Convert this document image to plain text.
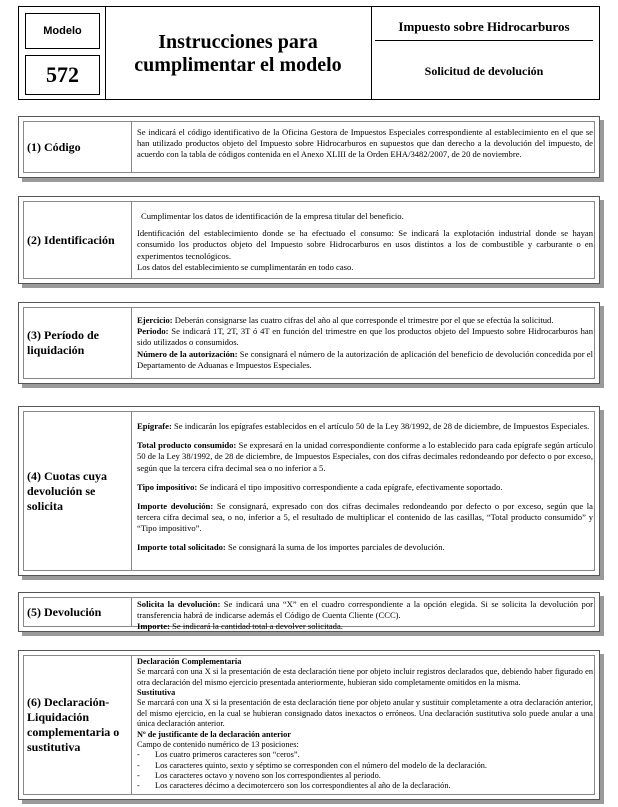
Modelo
572
Instrucciones para
cumplimentar el modelo
Impuesto sobre Hidrocarburos
Solicitud de devolución
(1) Código

Se indicará el código identificativo de la Oficina Gestora de Impuestos Especiales correspondiente al establecimiento en el que se han utilizado productos objeto del Impuesto sobre Hidrocarburos en supuestos que dan derecho a la devolución del impuesto, de acuerdo con la tabla de códigos contenida en el Anexo XLIII de la Orden EHA/3482/2007, de 20 de noviembre.

(2) Identificación

Cumplimentar los datos de identificación de la empresa titular del beneficio.

Identificación del establecimiento donde se ha efectuado el consumo: Se indicará la explotación industrial donde se hayan consumido los productos objeto del Impuesto sobre Hidrocarburos en usos distintos a los de combustible y carburante o en experimentos tecnológicos.

Los datos del establecimiento se cumplimentarán en todo caso.

(3) Período de liquidación

Ejercicio: Deberán consignarse las cuatro cifras del año al que corresponde el trimestre por el que se efectúa la solicitud.

Periodo: Se indicará 1T, 2T, 3T ó 4T en función del trimestre en que los productos objeto del Impuesto sobre Hidrocarburos han sido utilizados o consumidos.

Número de la autorización: Se consignará el número de la autorización de aplicación del beneficio de devolución concedida por el Departamento de Aduanas e Impuestos Especiales.

(4) Cuotas cuya devolución se solicita

Epígrafe: Se indicarán los epígrafes establecidos en el artículo 50 de la Ley 38/1992, de 28 de diciembre, de Impuestos Especiales.

Total producto consumido: Se expresará en la unidad correspondiente conforme a lo establecido para cada epígrafe según artículo 50 de la Ley 38/1992, de 28 de diciembre, de Impuestos Especiales, con dos cifras decimales redondeando por defecto o por exceso, según que la tercera cifra decimal sea o no inferior a 5.

Tipo impositivo: Se indicará el tipo impositivo correspondiente a cada epígrafe, efectivamente soportado.

Importe devolución: Se consignará, expresado con dos cifras decimales redondeando por defecto o por exceso, según que la tercera cifra decimal sea, o no, inferior a 5, el resultado de multiplicar el contenido de las casillas, “Total producto consumido” y “Tipo impositivo”.

Importe total solicitado: Se consignará la suma de los importes parciales de devolución.

(5) Devolución

Solicita la devolución: Se indicará una “X” en el cuadro correspondiente a la opción elegida. Si se solicita la devolución por transferencia habrá de indicarse además el Código de Cuenta Cliente (CCC).

Importe: Se indicará la cantidad total a devolver solicitada.

(6) Declaración-Liquidación complementaria o sustitutiva

Declaración Complementaria

Se marcará con una X si la presentación de esta declaración tiene por objeto incluir registros declarados que, debiendo haber figurado en otra declaración del mismo ejercicio presentada anteriormente, hubieran sido completamente omitidos en la misma.

Sustitutiva

Se marcará con una X si la presentación de esta declaración tiene por objeto anular y sustituir completamente a otra declaración anterior, del mismo ejercicio, en la cual se hubieran consignado datos inexactos o erróneos. Una declaración sustitutiva solo puede anular a una única declaración anterior.

Nº de justificante de la declaración anterior

Campo de contenido numérico de 13 posiciones:

-	Los cuatro primeros caracteres son “ceros”.
-	Los caracteres quinto, sexto y séptimo se corresponden con el número del modelo de la declaración.
-	Los caracteres octavo y noveno son los correspondientes al periodo.
-	Los caracteres décimo a decimotercero son los correspondientes al año de la declaración.
